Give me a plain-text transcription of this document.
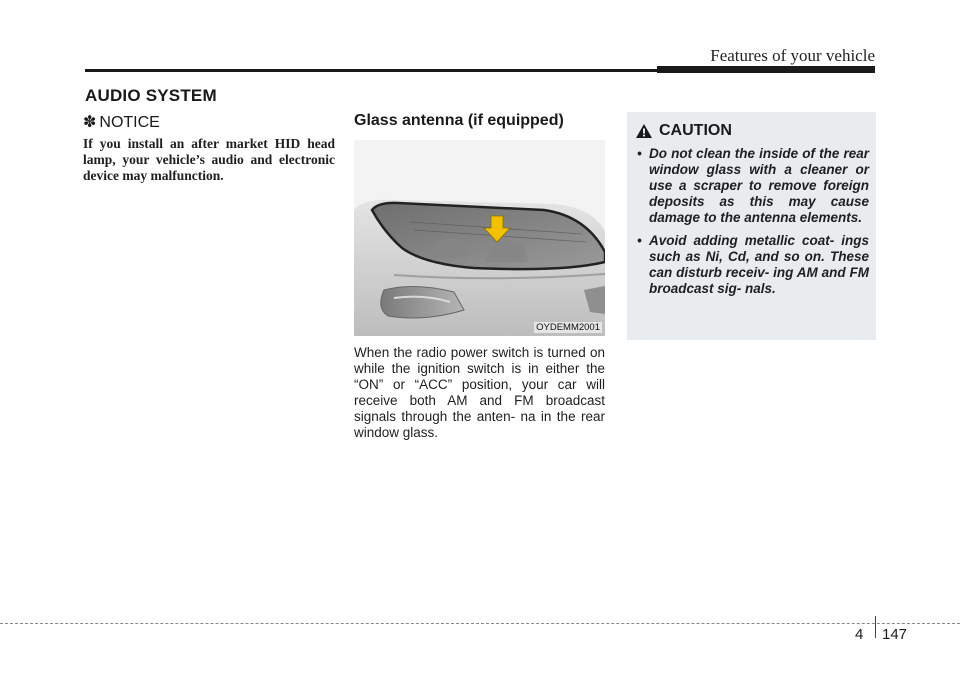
Features of your vehicle
AUDIO SYSTEM
✽ NOTICE
If you install an after market HID head lamp, your vehicle’s audio and electronic device may malfunction.
Glass antenna (if equipped)
OYDEMM2001
When the radio power switch is turned on while the ignition switch is in either the “ON” or “ACC” position, your car will receive both AM and FM broadcast signals through the anten- na in the rear window glass.
CAUTION
• Do not clean the inside of the rear window glass with a cleaner or use a scraper to remove foreign deposits as this may cause damage to the antenna elements.
• Avoid adding metallic coat- ings such as Ni, Cd, and so on. These can disturb receiv- ing AM and FM broadcast sig- nals.
4 147
